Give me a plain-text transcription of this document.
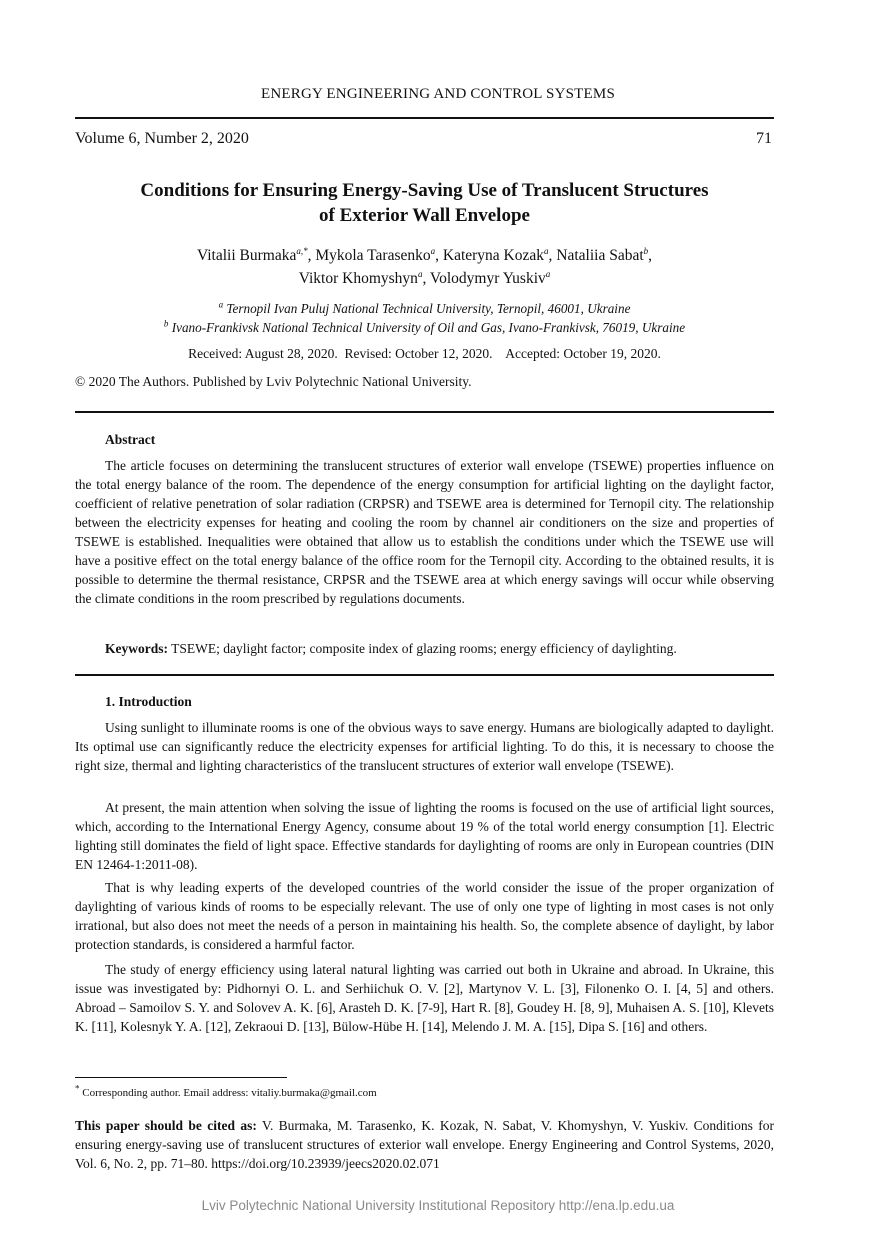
ENERGY ENGINEERING AND CONTROL SYSTEMS
Volume 6, Number 2, 2020	71
Conditions for Ensuring Energy-Saving Use of Translucent Structures
of Exterior Wall Envelope
Vitalii Burmaka$^{a,*}$, Mykola Tarasenko$^a$, Kateryna Kozak$^a$, Nataliia Sabat$^b$,
Viktor Khomyshyn$^a$, Volodymyr Yuskiv$^a$
$^a$ Ternopil Ivan Puluj National Technical University, Ternopil, 46001, Ukraine
$^b$ Ivano-Frankivsk National Technical University of Oil and Gas, Ivano-Frankivsk, 76019, Ukraine
Received: August 28, 2020.  Revised: October 12, 2020.    Accepted: October 19, 2020.
© 2020 The Authors. Published by Lviv Polytechnic National University.
Abstract

The article focuses on determining the translucent structures of exterior wall envelope (TSEWE) properties influence on the total energy balance of the room. The dependence of the energy consumption for artificial lighting on the daylight factor, coefficient of relative penetration of solar radiation (CRPSR) and TSEWE area is determined for Ternopil city. The relationship between the electricity expenses for heating and cooling the room by channel air conditioners on the size and properties of TSEWE is established. Inequalities were obtained that allow us to establish the conditions under which the TSEWE use will have a positive effect on the total energy balance of the office room for the Ternopil city. According to the obtained results, it is possible to determine the thermal resistance, CRPSR and the TSEWE area at which energy savings will occur while observing the climate conditions in the room prescribed by regulations documents.

Keywords: TSEWE; daylight factor; composite index of glazing rooms; energy efficiency of daylighting.
1. Introduction

Using sunlight to illuminate rooms is one of the obvious ways to save energy. Humans are biologically adapted to daylight. Its optimal use can significantly reduce the electricity expenses for artificial lighting. To do this, it is necessary to choose the right size, thermal and lighting characteristics of the translucent structures of exterior wall envelope (TSEWE).

At present, the main attention when solving the issue of lighting the rooms is focused on the use of artificial light sources, which, according to the International Energy Agency, consume about 19 % of the total world energy consumption [1]. Electric lighting still dominates the field of light space. Effective standards for daylighting of rooms are only in European countries (DIN EN 12464-1:2011-08).

That is why leading experts of the developed countries of the world consider the issue of the proper organization of daylighting of various kinds of rooms to be especially relevant. The use of only one type of lighting in most cases is not only irrational, but also does not meet the needs of a person in maintaining his health. So, the complete absence of daylight, by labor protection standards, is considered a harmful factor.

The study of energy efficiency using lateral natural lighting was carried out both in Ukraine and abroad. In Ukraine, this issue was investigated by: Pidhornyi O. L. and Serhiichuk O. V. [2], Martynov V. L. [3], Filonenko O. I. [4, 5] and others. Abroad – Samoilov S. Y. and Solovev A. K. [6], Arasteh D. K. [7-9], Hart R. [8], Goudey H. [8, 9], Muhaisen A. S. [10], Klevets K. [11], Kolesnyk Y. A. [12], Zekraoui D. [13], Bülow-Hübe H. [14], Melendo J. M. A. [15], Dipa S. [16] and others.

* Corresponding author. Email address: vitaliy.burmaka@gmail.com

This paper should be cited as: V. Burmaka, M. Tarasenko, K. Kozak, N. Sabat, V. Khomyshyn, V. Yuskiv. Conditions for ensuring energy-saving use of translucent structures of exterior wall envelope. Energy Engineering and Control Systems, 2020, Vol. 6, No. 2, pp. 71–80. https://doi.org/10.23939/jeecs2020.02.071

Lviv Polytechnic National University Institutional Repository http://ena.lp.edu.ua
